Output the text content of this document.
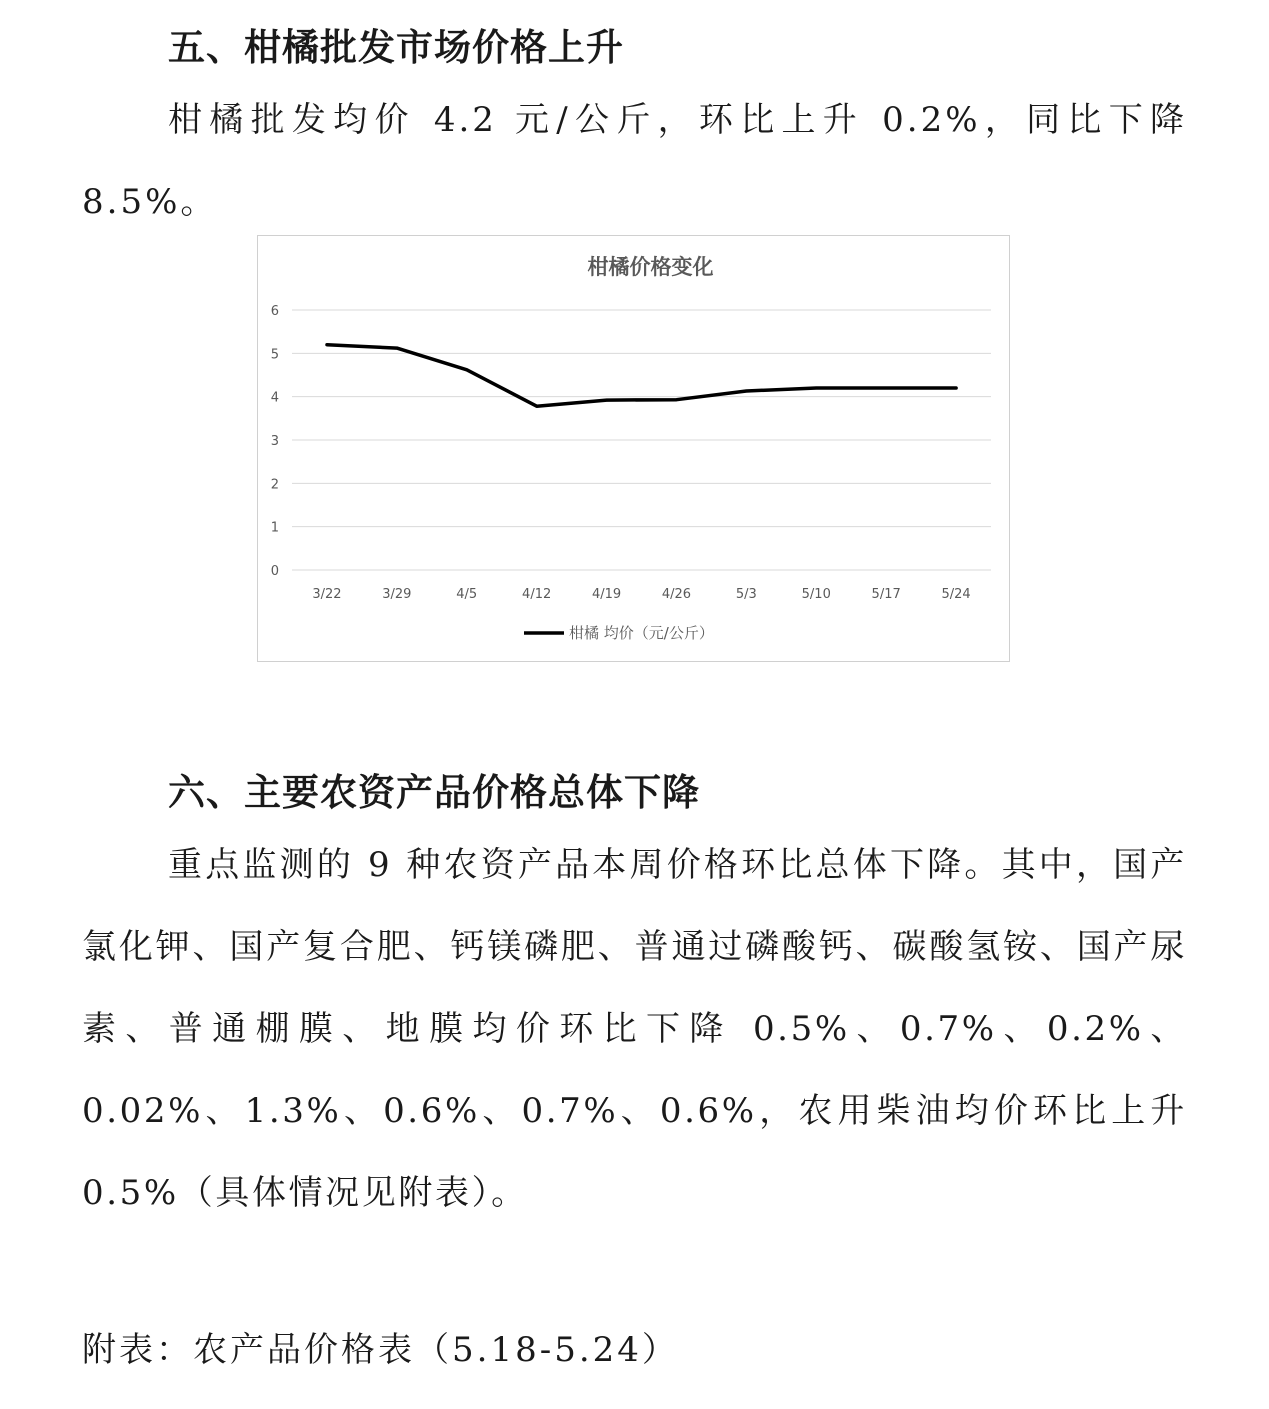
五、柑橘批发市场价格上升
柑橘批发均价 4.2 元/公斤，环比上升 0.2%，同比下降 8.5%。
柑橘价格变化
0
1
2
3
4
5
6
3/22	3/29	4/5	4/12	4/19	4/26	5/3	5/10	5/17	5/24
柑橘 均价（元/公斤）
六、主要农资产品价格总体下降
重点监测的 9 种农资产品本周价格环比总体下降。其中，国产氯化钾、国产复合肥、钙镁磷肥、普通过磷酸钙、碳酸氢铵、国产尿素、普通棚膜、地膜均价环比下降 0.5%、0.7%、0.2%、0.02%、1.3%、0.6%、0.7%、0.6%，农用柴油均价环比上升 0.5%（具体情况见附表）。
附表：农产品价格表（5.18-5.24）
